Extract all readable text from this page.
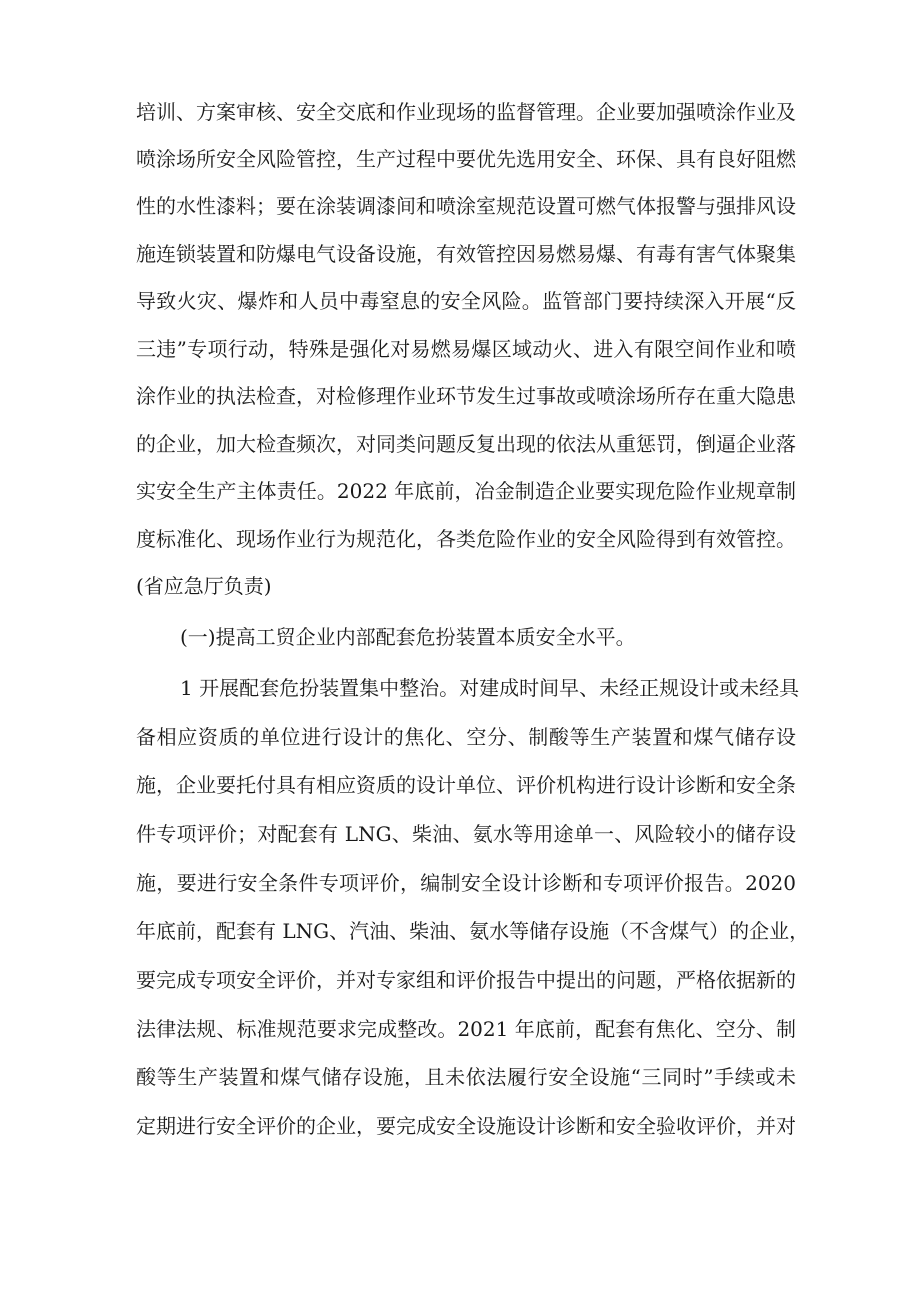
培训、方案审核、安全交底和作业现场的监督管理。企业要加强喷涂作业及

喷涂场所安全风险管控，生产过程中要优先选用安全、环保、具有良好阻燃

性的水性漆料；要在涂装调漆间和喷涂室规范设置可燃气体报警与强排风设

施连锁装置和防爆电气设备设施，有效管控因易燃易爆、有毒有害气体聚集

导致火灾、爆炸和人员中毒窒息的安全风险。监管部门要持续深入开展“反

三违”专项行动，特殊是强化对易燃易爆区域动火、进入有限空间作业和喷

涂作业的执法检查，对检修理作业环节发生过事故或喷涂场所存在重大隐患

的企业，加大检查频次，对同类问题反复出现的依法从重惩罚，倒逼企业落

实安全生产主体责任。2022 年底前，冶金制造企业要实现危险作业规章制

度标准化、现场作业行为规范化，各类危险作业的安全风险得到有效管控。

(省应急厅负责)

(一)提高工贸企业内部配套危扮装置本质安全水平。

1 开展配套危扮装置集中整治。对建成时间早、未经正规设计或未经具

备相应资质的单位进行设计的焦化、空分、制酸等生产装置和煤气储存设

施，企业要托付具有相应资质的设计单位、评价机构进行设计诊断和安全条

件专项评价；对配套有 LNG、柴油、氨水等用途单一、风险较小的储存设

施，要进行安全条件专项评价，编制安全设计诊断和专项评价报告。2020

年底前，配套有 LNG、汽油、柴油、氨水等储存设施（不含煤气）的企业，

要完成专项安全评价，并对专家组和评价报告中提出的问题，严格依据新的

法律法规、标准规范要求完成整改。2021 年底前，配套有焦化、空分、制

酸等生产装置和煤气储存设施，且未依法履行安全设施“三同时”手续或未

定期进行安全评价的企业，要完成安全设施设计诊断和安全验收评价，并对
